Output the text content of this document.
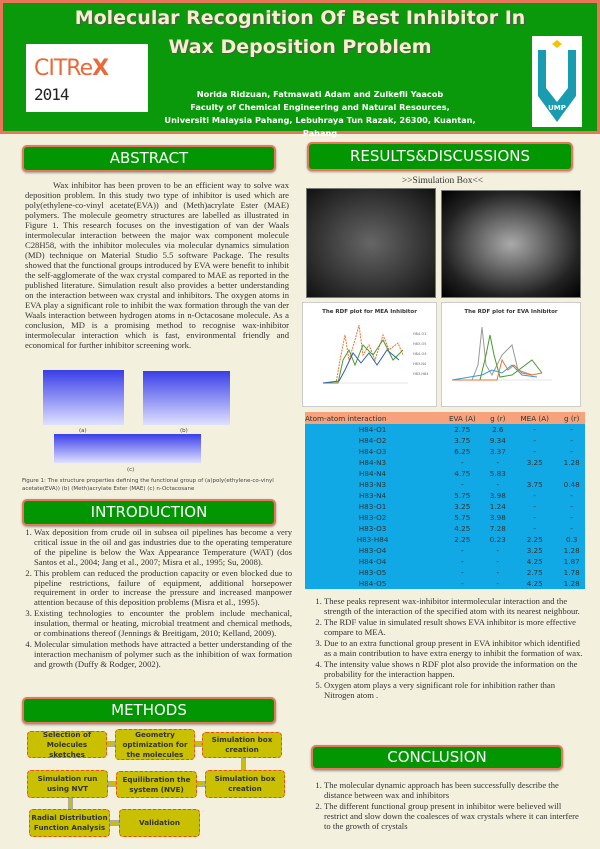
Molecular Recognition Of Best Inhibitor In Wax Deposition Problem
CITReX 2014
UMP
Norida Ridzuan, Fatmawati Adam and Zulkefli Yaacob
Faculty of Chemical Engineering and Natural Resources,
Universiti Malaysia Pahang, Lebuhraya Tun Razak, 26300, Kuantan, Pahang
ABSTRACT
Wax inhibitor has been proven to be an efficient way to solve wax deposition problem. In this study two type of inhibitor is used which are poly(ethylene-co-vinyl acetate(EVA)) and (Meth)acrylate Ester (MAE) polymers. The molecule geometry structures are labelled as illustrated in Figure 1. This research focuses on the investigation of van der Waals intermolecular interaction between the major wax component molecule C28H58, with the inhibitor molecules via molecular dynamics simulation (MD) technique on Material Studio 5.5 software Package. The results showed that the functional groups introduced by EVA were benefit to inhibit the self-agglomerate of the wax crystal compared to MAE as reported in the published literature. Simulation result also provides a better understanding on the interaction between wax crystal and inhibitors. The oxygen atoms in EVA play a significant role to inhibit the wax formation through the van der Waals interaction between hydrogen atoms in n-Octacosane molecule. As a conclusion, MD is a promising method to recognise wax-inhibitor intermolecular interaction which is fast, environmental friendly and economical for further inhibitor screening work.
(a)	(b)
(c)
Figure 1: The structure properties defining the functional group of (a)poly(ethylene-co-vinyl acetate(EVA)) (b) (Meth)acrylate Ester (MAE) (c) n-Octacosane
INTRODUCTION
1. Wax deposition from crude oil in subsea oil pipelines has become a very critical issue in the oil and gas industries due to the operating temperature of the pipeline is below the Wax Appearance Temperature (WAT) (dos Santos et al., 2004; Jang et al., 2007; Misra et al., 1995; Su, 2008).
2. This problem can reduced the production capacity or even blocked due to pipeline restrictions, failure of equipment, additional horsepower requirement in order to increase the pressure and increased manpower attention because of this deposition problems (Misra et al., 1995).
3. Existing technologies to encounter the problem include mechanical, insulation, thermal or heating, microbial treatment and chemical methods, or combinations thereof (Jennings & Breitigam, 2010; Kelland, 2009).
4. Molecular simulation methods have attracted a better understanding of the interaction mechanism of polymer such as the inhibition of wax formation and growth (Duffy & Rodger, 2002).
METHODS
Selection of Molecules sketches
Geometry optimization for the molecules
Simulation box creation
Simulation box creation
Equilibration the system (NVE)
Simulation run using NVT
Radial Distribution Function Analysis
Validation
RESULTS&DISCUSSIONS
>>Simulation Box<<
The RDF plot for MEA Inhibitor
H84-O1
H83-O5
H84-O4
H83-N4
H83-H84
The RDF plot for EVA Inhibitor
Atom-atom interaction	EVA (A)	g (r)	MEA (A)	g (r)
H84-O1	2.75	2.6	-	-
H84-O2	3.75	9.34	-	-
H84-O3	6.25	3.37	-	-
H84-N3	-	-	3.25	1.28
H84-N4	4.75	5.83		
H83-N3	-	-	3.75	0.48
H83-N4	5.75	3.98	-	-
H83-O1	3.25	1.24	-	-
H83-O2	5.75	3.98	-	-
H83-O3	4.25	7.28	-	-
H83-H84	2.25	0.23	2.25	0.3
H83-O4	-	-	3.25	1.28
H84-O4	-	-	4.25	1.87
H83-O5	-	-	2.75	1.78
H84-O5	-	-	4.25	1.28
1. These peaks represent wax-inhibitor intermolecular interaction and the strength of the interaction of the specified atom with its nearest neighbour.
2. The RDF value in simulated result shows EVA inhibitor is more effective compare to MEA.
3. Due to an extra functional group present in EVA inhibitor which identified as a main contribution to have extra energy to inhibit the formation of wax.
4. The intensity value shows n RDF plot also provide the information on the probability for the interaction happen.
5. Oxygen atom plays a very significant role for inhibition rather than Nitrogen atom .
CONCLUSION
1. The molecular dynamic approach has been successfully describe the distance between wax and inhibitors
2. The different functional group present in inhibitor were believed will restrict and slow down the coalesces of wax crystals where it can interfere to the growth of crystals
